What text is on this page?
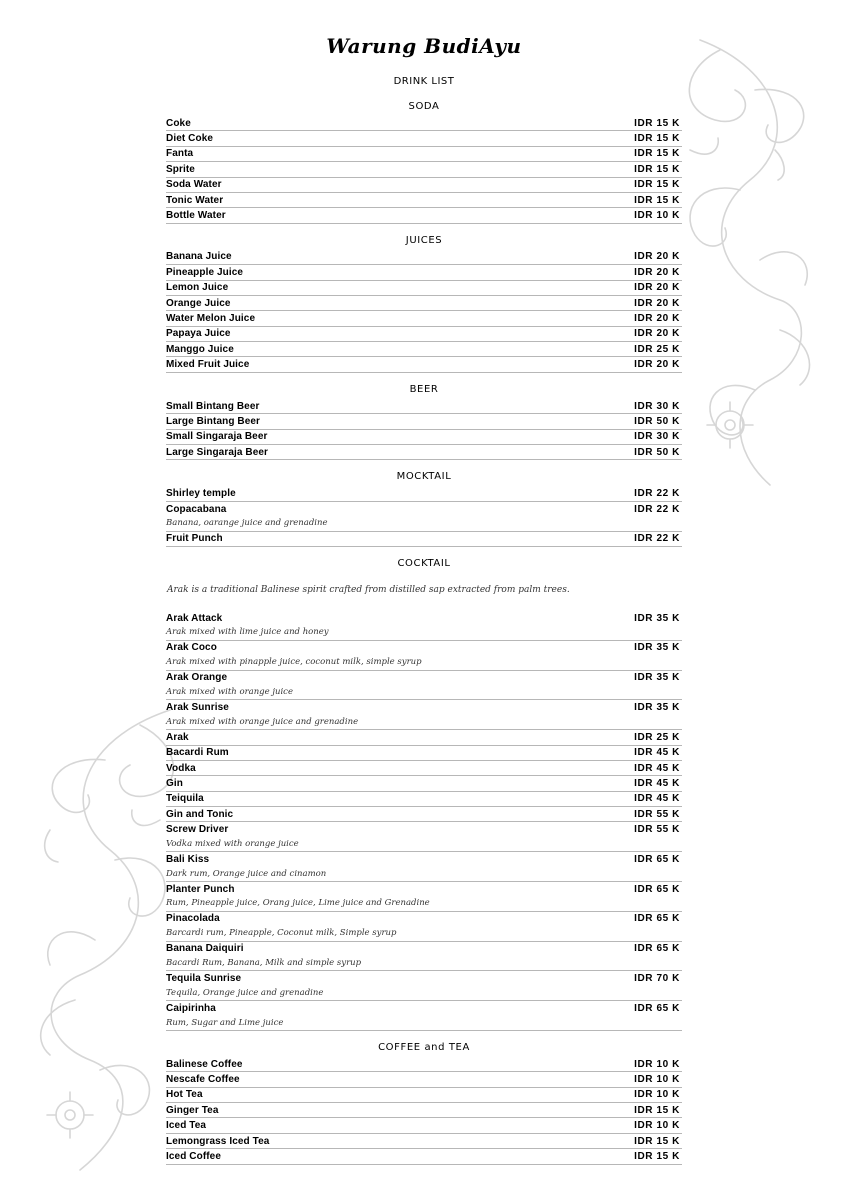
Warung BudiAyu
DRINK LIST
SODA
Coke	IDR 15 K
Diet Coke	IDR 15 K
Fanta	IDR 15 K
Sprite	IDR 15 K
Soda Water	IDR 15 K
Tonic Water	IDR 15 K
Bottle Water	IDR 10 K
JUICES
Banana Juice	IDR 20 K
Pineapple Juice	IDR 20 K
Lemon Juice	IDR 20 K
Orange Juice	IDR 20 K
Water Melon Juice	IDR 20 K
Papaya Juice	IDR 20 K
Manggo Juice	IDR 25 K
Mixed Fruit Juice	IDR 20 K
BEER
Small Bintang Beer	IDR 30 K
Large Bintang Beer	IDR 50 K
Small Singaraja Beer	IDR 30 K
Large Singaraja Beer	IDR 50 K
MOCKTAIL
Shirley temple	IDR 22 K
Copacabana	IDR 22 K
Banana, oarange juice and grenadine
Fruit Punch	IDR 22 K
COCKTAIL
Arak is a traditional Balinese spirit crafted from distilled sap extracted from palm trees.
Arak Attack	IDR 35 K
Arak mixed with lime juice and honey
Arak Coco	IDR 35 K
Arak mixed with pinapple juice, coconut milk, simple syrup
Arak Orange	IDR 35 K
Arak mixed with orange juice
Arak Sunrise	IDR 35 K
Arak mixed with orange juice and grenadine
Arak	IDR 25 K
Bacardi Rum	IDR 45 K
Vodka	IDR 45 K
Gin	IDR 45 K
Teiquila	IDR 45 K
Gin and Tonic	IDR 55 K
Screw Driver	IDR 55 K
Vodka mixed with orange juice
Bali Kiss	IDR 65 K
Dark rum, Orange juice and cinamon
Planter Punch	IDR 65 K
Rum, Pineapple juice, Orang juice, Lime juice and Grenadine
Pinacolada	IDR 65 K
Barcardi rum, Pineapple, Coconut milk, Simple syrup
Banana Daiquiri	IDR 65 K
Bacardi Rum, Banana, Milk and simple syrup
Tequila Sunrise	IDR 70 K
Tequila, Orange juice and grenadine
Caipirinha	IDR 65 K
Rum, Sugar and Lime juice
COFFEE and TEA
Balinese Coffee	IDR 10 K
Nescafe Coffee	IDR 10 K
Hot Tea	IDR 10 K
Ginger Tea	IDR 15 K
Iced Tea	IDR 10 K
Lemongrass Iced Tea	IDR 15 K
Iced Coffee	IDR 15 K
